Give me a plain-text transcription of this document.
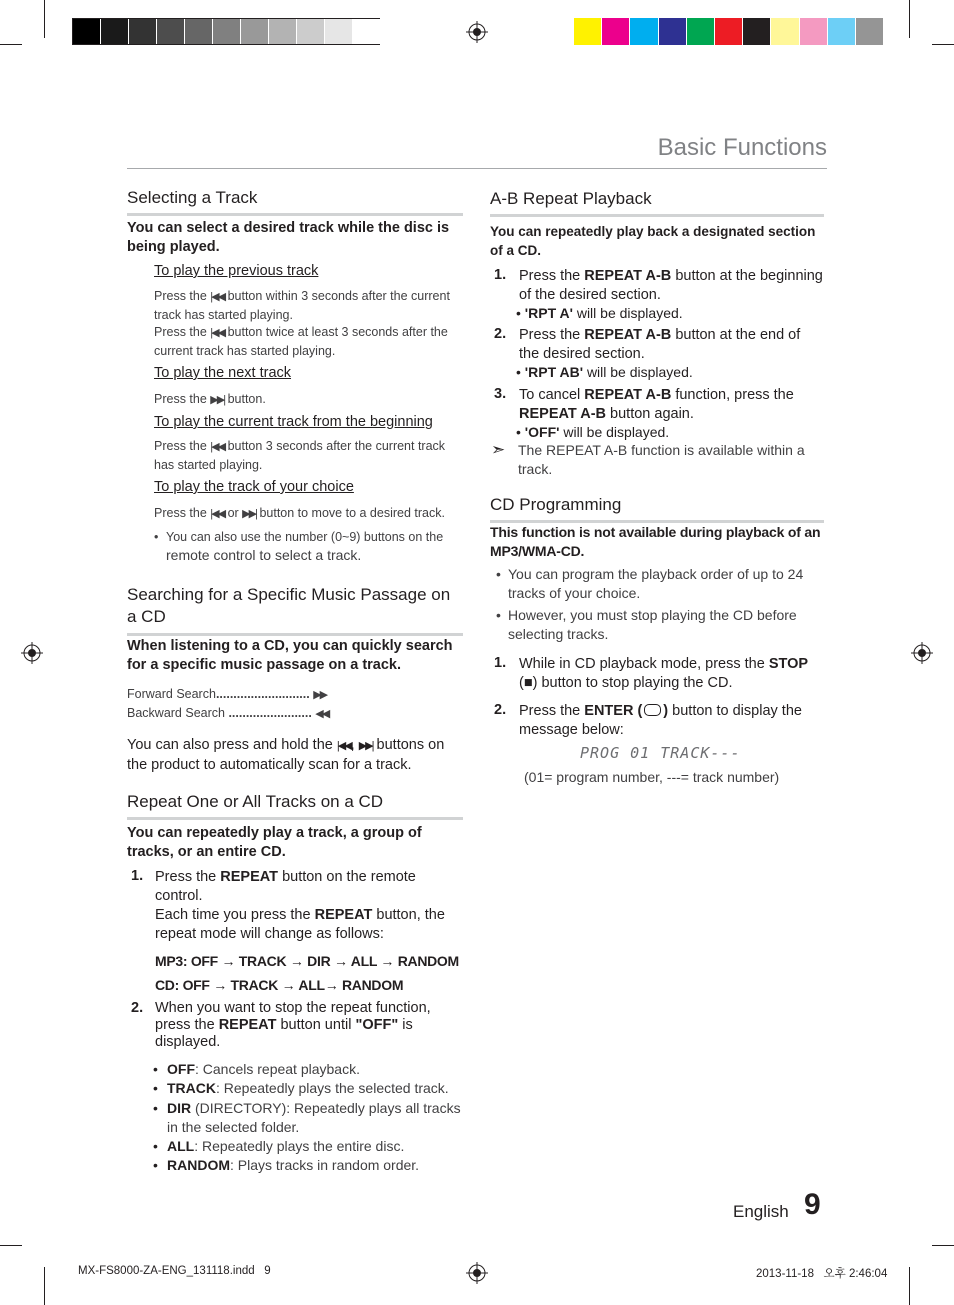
Basic Functions
Selecting a Track
You can select a desired track while the disc is being played.
To play the previous track
Press the |◀◀ button within 3 seconds after the current track has started playing.
Press the |◀◀ button twice at least 3 seconds after the current track has started playing.
To play the next track
Press the ▶▶| button.
To play the current track from the beginning
Press the |◀◀ button 3 seconds after the current track has started playing.
To play the track of your choice
Press the |◀◀ or ▶▶| button to move to a desired track.
• You can also use the number (0~9) buttons on the
remote control to select a track.
Searching for a Specific Music Passage on a CD
When listening to a CD, you can quickly search for a specific music passage on a track.
Forward Search........................... ▶▶
Backward Search ........................ ◀◀
You can also press and hold the |◀◀, ▶▶| buttons on the product to automatically scan for a track.
Repeat One or All Tracks on a CD
You can repeatedly play a track, a group of tracks, or an entire CD.
1. Press the REPEAT button on the remote control.
Each time you press the REPEAT button, the repeat mode will change as follows:
MP3: OFF → TRACK → DIR → ALL → RANDOM
CD: OFF → TRACK → ALL→ RANDOM
2. When you want to stop the repeat function,
press the REPEAT button until "OFF" is displayed.
• OFF: Cancels repeat playback.
• TRACK: Repeatedly plays the selected track.
• DIR (DIRECTORY): Repeatedly plays all tracks in the selected folder.
• ALL: Repeatedly plays the entire disc.
• RANDOM: Plays tracks in random order.
A-B Repeat Playback
You can repeatedly play back a designated section of a CD.
1. Press the REPEAT A-B button at the beginning of the desired section.
• 'RPT A' will be displayed.
2. Press the REPEAT A-B button at the end of the desired section.
• 'RPT AB' will be displayed.
3. To cancel REPEAT A-B function, press the REPEAT A-B button again.
• 'OFF' will be displayed.
➣ The REPEAT A-B function is available within a track.
CD Programming
This function is not available during playback of an MP3/WMA-CD.
• You can program the playback order of up to 24 tracks of your choice.
• However, you must stop playing the CD before selecting tracks.
1. While in CD playback mode, press the STOP (■) button to stop playing the CD.
2. Press the ENTER ( ) button to display the message below:
PROG 01 TRACK---
(01= program number, ---= track number)
English 9
MX-FS8000-ZA-ENG_131118.indd   9	2013-11-18   오후 2:46:04
